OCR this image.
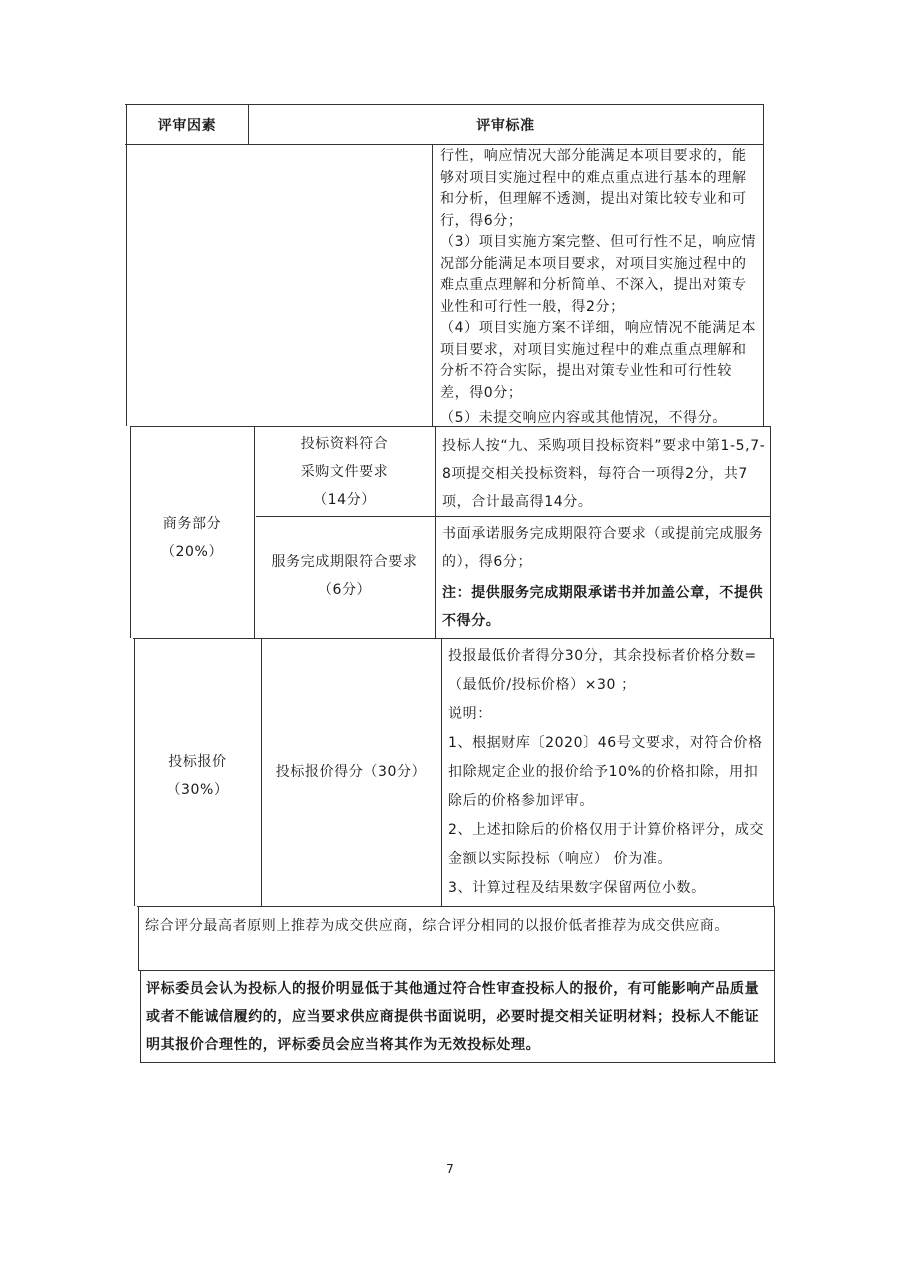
评审因素	评审标准

行性，响应情况大部分能满足本项目要求的，能够对项目实施过程中的难点重点进行基本的理解和分析，但理解不透测，提出对策比较专业和可行，得6分；

（3）项目实施方案完整、但可行性不足，响应情况部分能满足本项目要求，对项目实施过程中的难点重点理解和分析简单、不深入，提出对策专业性和可行性一般，得2分；

（4）项目实施方案不详细，响应情况不能满足本项目要求，对项目实施过程中的难点重点理解和分析不符合实际，提出对策专业性和可行性较差，得0分；

（5）未提交响应内容或其他情况，不得分。

商务部分
（20%）
投标资料符合
采购文件要求
（14分）
投标人按“九、采购项目投标资料”要求中第1-5,7-8项提交相关投标资料，每符合一项得2分，共7项，合计最高得14分。
服务完成期限符合要求
（6分）
书面承诺服务完成期限符合要求（或提前完成服务的），得6分；
注：提供服务完成期限承诺书并加盖公章，不提供不得分。
投标报价
（30%）
投标报价得分（30分）

投报最低价者得分30分，其余投标者价格分数=（最低价/投标价格）×30 ；

说明：

1、根据财库〔2020〕46号文要求，对符合价格扣除规定企业的报价给予10%的价格扣除，用扣除后的价格参加评审。

2、上述扣除后的价格仅用于计算价格评分，成交金额以实际投标（响应） 价为准。

3、计算过程及结果数字保留两位小数。

综合评分最高者原则上推荐为成交供应商，综合评分相同的以报价低者推荐为成交供应商。
评标委员会认为投标人的报价明显低于其他通过符合性审查投标人的报价，有可能影响产品质量或者不能诚信履约的，应当要求供应商提供书面说明，必要时提交相关证明材料；投标人不能证明其报价合理性的，评标委员会应当将其作为无效投标处理。
7
